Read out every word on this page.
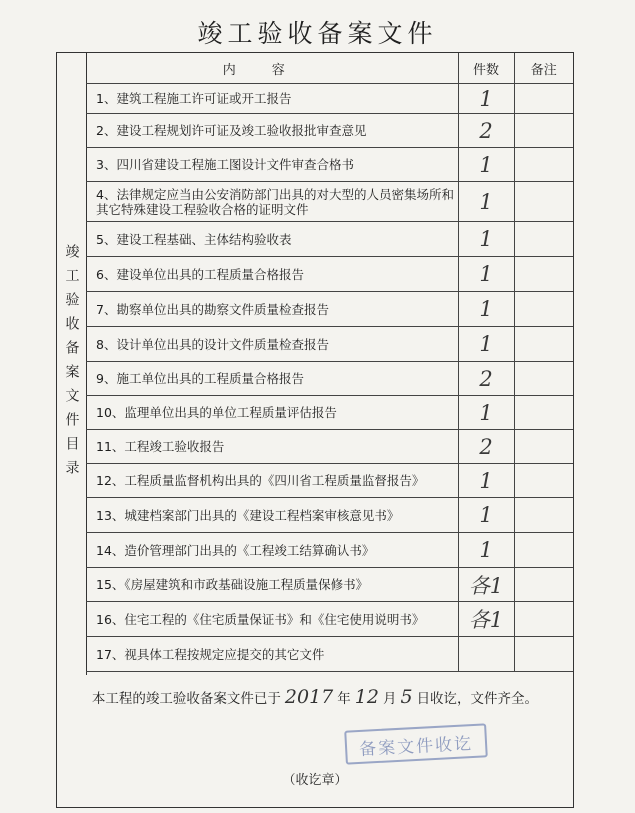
竣工验收备案文件
竣工验收备案文件目录
内容	件数	备注
1、建筑工程施工许可证或开工报告	1	
2、建设工程规划许可证及竣工验收报批审查意见	2	
3、四川省建设工程施工图设计文件审查合格书	1	
4、法律规定应当由公安消防部门出具的对大型的人员密集场所和其它特殊建设工程验收合格的证明文件	1	
5、建设工程基础、主体结构验收表	1	
6、建设单位出具的工程质量合格报告	1	
7、勘察单位出具的勘察文件质量检查报告	1	
8、设计单位出具的设计文件质量检查报告	1	
9、施工单位出具的工程质量合格报告	2	
10、监理单位出具的单位工程质量评估报告	1	
11、工程竣工验收报告	2	
12、工程质量监督机构出具的《四川省工程质量监督报告》	1	
13、城建档案部门出具的《建设工程档案审核意见书》	1	
14、造价管理部门出具的《工程竣工结算确认书》	1	
15、《房屋建筑和市政基础设施工程质量保修书》	各1	
16、住宅工程的《住宅质量保证书》和《住宅使用说明书》	各1	
17、视具体工程按规定应提交的其它文件		
本工程的竣工验收备案文件已于 2017 年 12 月 5 日收讫，文件齐全。
备案文件收讫
（收讫章）
